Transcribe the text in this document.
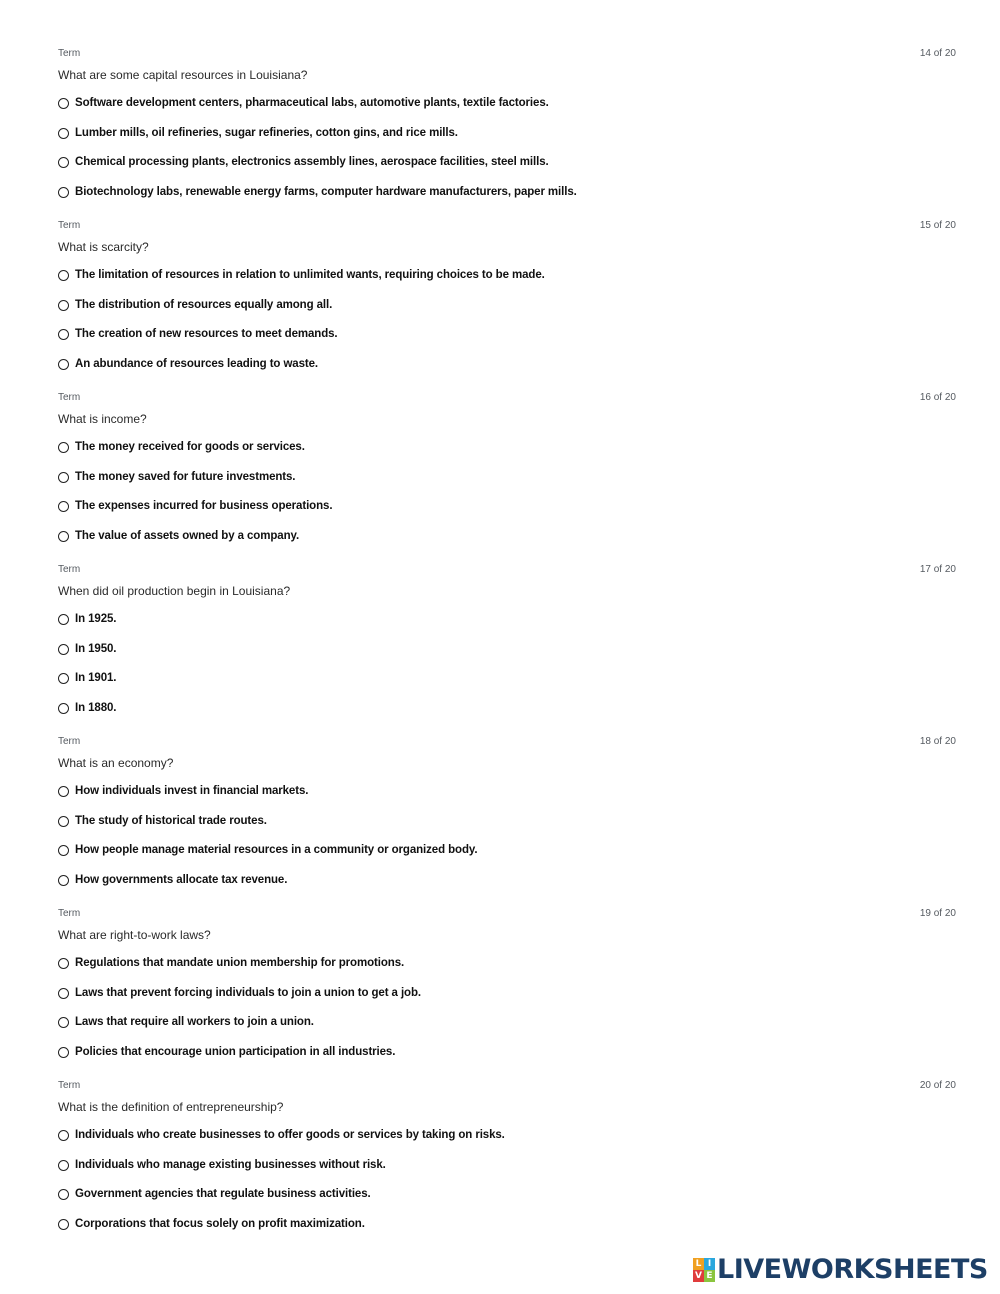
Term	14 of 20
What are some capital resources in Louisiana?
Software development centers, pharmaceutical labs, automotive plants, textile factories.
Lumber mills, oil refineries, sugar refineries, cotton gins, and rice mills.
Chemical processing plants, electronics assembly lines, aerospace facilities, steel mills.
Biotechnology labs, renewable energy farms, computer hardware manufacturers, paper mills.
Term	15 of 20
What is scarcity?
The limitation of resources in relation to unlimited wants, requiring choices to be made.
The distribution of resources equally among all.
The creation of new resources to meet demands.
An abundance of resources leading to waste.
Term	16 of 20
What is income?
The money received for goods or services.
The money saved for future investments.
The expenses incurred for business operations.
The value of assets owned by a company.
Term	17 of 20
When did oil production begin in Louisiana?
In 1925.
In 1950.
In 1901.
In 1880.
Term	18 of 20
What is an economy?
How individuals invest in financial markets.
The study of historical trade routes.
How people manage material resources in a community or organized body.
How governments allocate tax revenue.
Term	19 of 20
What are right-to-work laws?
Regulations that mandate union membership for promotions.
Laws that prevent forcing individuals to join a union to get a job.
Laws that require all workers to join a union.
Policies that encourage union participation in all industries.
Term	20 of 20
What is the definition of entrepreneurship?
Individuals who create businesses to offer goods or services by taking on risks.
Individuals who manage existing businesses without risk.
Government agencies that regulate business activities.
Corporations that focus solely on profit maximization.
L I
V E LIVEWORKSHEETS
